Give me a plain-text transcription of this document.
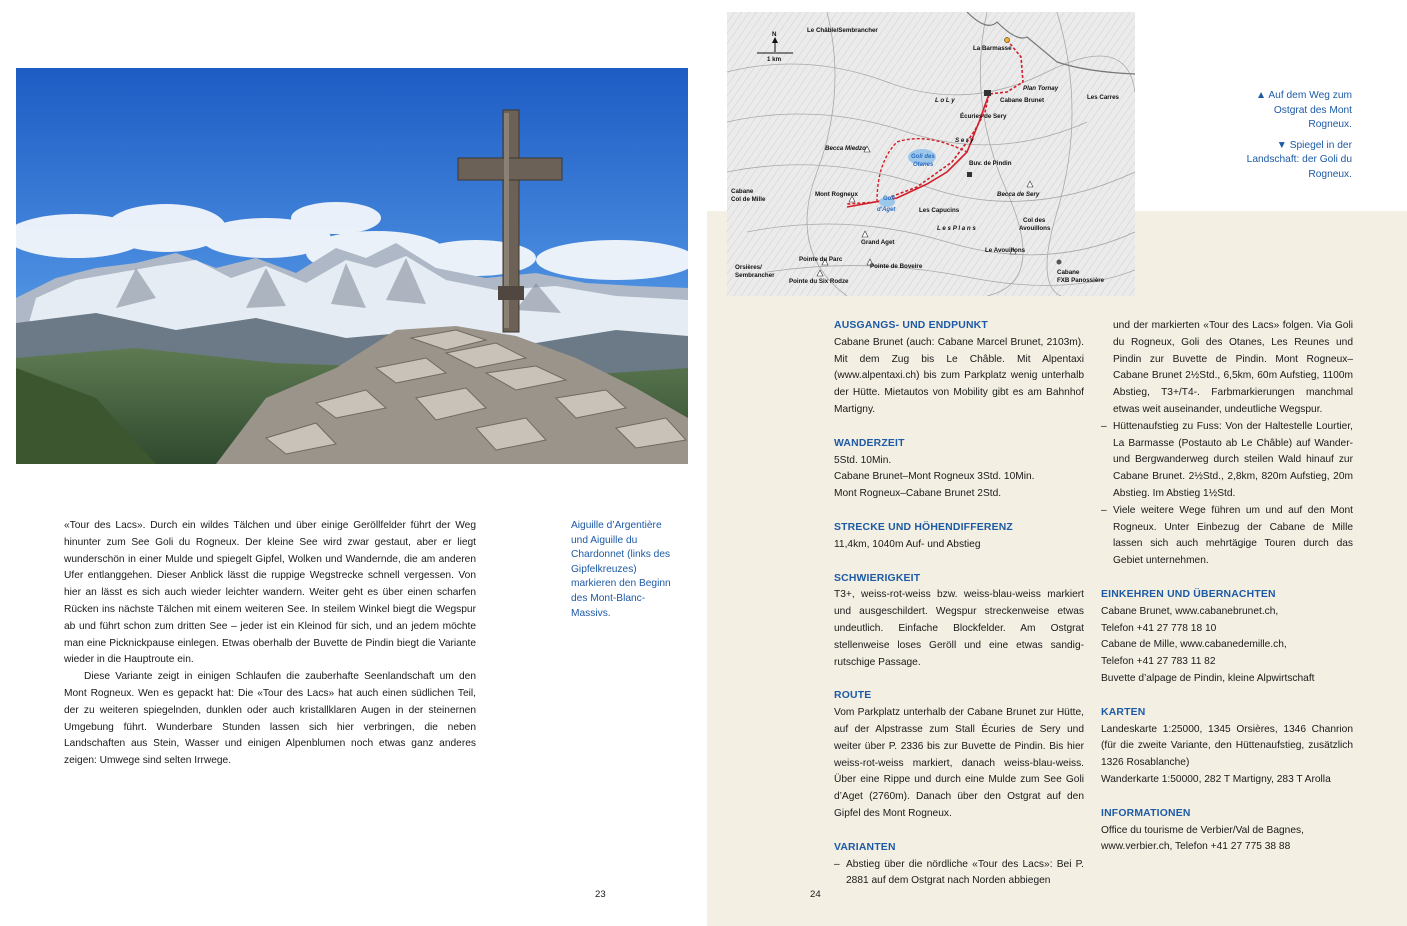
«Tour des Lacs». Durch ein wildes Tälchen und über einige Geröllfelder führt der Weg hinunter zum See Goli du Rogneux. Der kleine See wird zwar gestaut, aber er liegt wunderschön in einer Mulde und spiegelt Gipfel, Wolken und Wandernde, die am anderen Ufer entlanggehen. Dieser Anblick lässt die ruppige Wegstrecke schnell vergessen. Von hier an lässt es sich auch wieder leichter wandern. Weiter geht es über einen scharfen Rücken ins nächste Tälchen mit einem weiteren See. In steilem Winkel biegt die Wegspur ab und führt schon zum dritten See – jeder ist ein Kleinod für sich, und an jedem möchte man eine Picknickpause einlegen. Etwas oberhalb der Buvette de Pindin biegt die Variante wieder in die Hauptroute ein.

Diese Variante zeigt in einigen Schlaufen die zauberhafte Seenlandschaft um den Mont Rogneux. Wen es gepackt hat: Die «Tour des Lacs» hat auch einen südlichen Teil, der zu weiteren spiegelnden, dunklen oder auch kristallklaren Augen in der steinernen Umgebung führt. Wunderbare Stunden lassen sich hier verbringen, die neben Landschaften aus Stein, Wasser und einigen Alpenblumen noch etwas ganz anderes zeigen: Umwege sind selten Irrwege.

Aiguille d’Argentière und Aiguille du Chardonnet (links des Gipfelkreuzes) markieren den Beginn des Mont-Blanc-Massivs.
23
N
1 km
Le Châble/Sembrancher
La Barmasse
Plan Tornay
Les Carres
L o L y	Cabane Brunet
Écuries de Sery
S e r y
Becca Miedzo
Goli des
Otanes	Buv. de Pindin
Cabane
Col de Mille
Mont Rogneux
Goli
d'Aget	Les Capucins
Becca de Sery
Col des
Avouillons
Grand Aget
L e s P l a n s
Le Avouillons
Orsières/
Sembrancher
Pointe du Parc
Pointe de Boveire
Pointe du Six Rodze
Cabane
FXB Panossière
▲ Auf dem Weg zum Ostgrat des Mont Rogneux.
▼ Spiegel in der Landschaft: der Goli du Rogneux.

AUSGANGS- UND ENDPUNKT

Cabane Brunet (auch: Cabane Marcel Brunet, 2103m). Mit dem Zug bis Le Châble. Mit Alpentaxi (www.alpentaxi.ch) bis zum Parkplatz wenig unterhalb der Hütte. Mietautos von Mobility gibt es am Bahnhof Martigny.

WANDERZEIT

5Std. 10Min.

Cabane Brunet–Mont Rogneux 3Std. 10Min.

Mont Rogneux–Cabane Brunet 2Std.

STRECKE UND HÖHENDIFFERENZ

11,4km, 1040m Auf- und Abstieg

SCHWIERIGKEIT

T3+, weiss-rot-weiss bzw. weiss-blau-weiss markiert und ausgeschildert. Wegspur streckenweise etwas undeutlich. Einfache Blockfelder. Am Ostgrat stellenweise loses Geröll und eine etwas sandig-rutschige Passage.

ROUTE

Vom Parkplatz unterhalb der Cabane Brunet zur Hütte, auf der Alpstrasse zum Stall Écuries de Sery und weiter über P. 2336 bis zur Buvette de Pindin. Bis hier weiss-rot-weiss markiert, danach weiss-blau-weiss. Über eine Rippe und durch eine Mulde zum See Goli d’Aget (2760m). Danach über den Ostgrat auf den Gipfel des Mont Rogneux.

VARIANTEN

– Abstieg über die nördliche «Tour des Lacs»: Bei P. 2881 auf dem Ostgrat nach Norden abbiegen

und der markierten «Tour des Lacs» folgen. Via Goli du Rogneux, Goli des Otanes, Les Reunes und Pindin zur Buvette de Pindin. Mont Rogneux–Cabane Brunet 2½Std., 6,5km, 60m Aufstieg, 1100m Abstieg, T3+/T4-. Farbmarkierungen manchmal etwas weit auseinander, undeutliche Wegspur.

– Hüttenaufstieg zu Fuss: Von der Haltestelle Lourtier, La Barmasse (Postauto ab Le Châble) auf Wander- und Bergwanderweg durch steilen Wald hinauf zur Cabane Brunet. 2½Std., 2,8km, 820m Aufstieg, 20m Abstieg. Im Abstieg 1½Std.

– Viele weitere Wege führen um und auf den Mont Rogneux. Unter Einbezug der Cabane de Mille lassen sich auch mehrtägige Touren durch das Gebiet unternehmen.

EINKEHREN UND ÜBERNACHTEN

Cabane Brunet, www.cabanebrunet.ch,

Telefon +41 27 778 18 10

Cabane de Mille, www.cabanedemille.ch,

Telefon +41 27 783 11 82

Buvette d’alpage de Pindin, kleine Alpwirtschaft

KARTEN

Landeskarte 1:25000, 1345 Orsières, 1346 Chanrion (für die zweite Variante, den Hüttenaufstieg, zusätzlich 1326 Rosablanche)

Wanderkarte 1:50000, 282 T Martigny, 283 T Arolla

INFORMATIONEN

Office du tourisme de Verbier/Val de Bagnes,

www.verbier.ch, Telefon +41 27 775 38 88

24
